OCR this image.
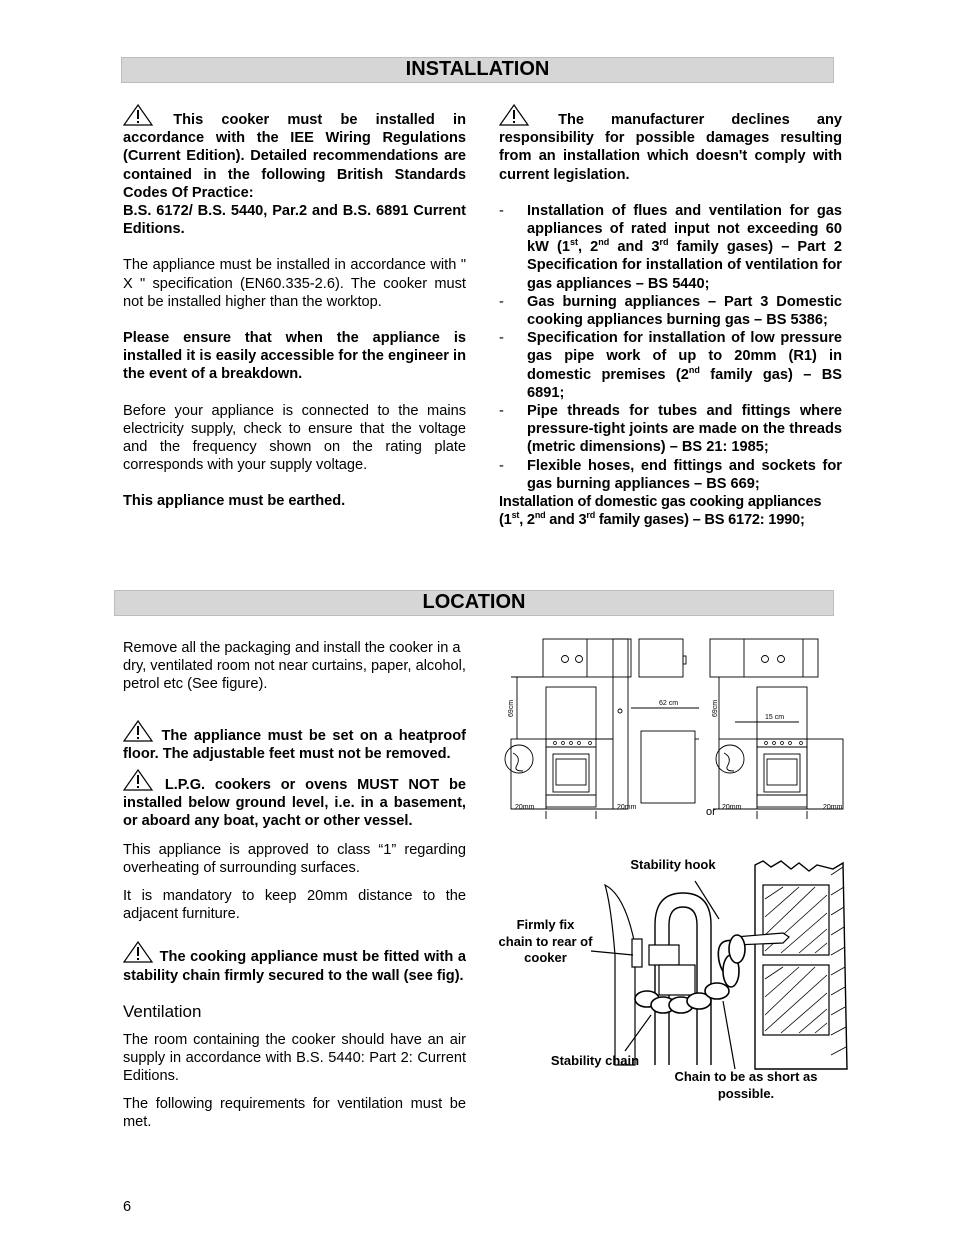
INSTALLATION

This cooker must be installed in accordance with the IEE Wiring Regulations (Current Edition). Detailed recommendations are contained in the following British Standards Codes Of Practice:

B.S. 6172/ B.S. 5440, Par.2 and B.S. 6891 Current Editions.

The appliance must be installed in accordance with " X " specification (EN60.335-2.6). The cooker must not be installed higher than the worktop.

Please ensure that when the appliance is installed it is easily accessible for the engineer in the event of a breakdown.

Before your appliance is connected to the mains electricity supply, check to ensure that the voltage and the frequency shown on the rating plate corresponds with your supply voltage.

This appliance must be earthed.

The manufacturer declines any responsibility for possible damages resulting from an installation which doesn't comply with current legislation.

- Installation of flues and ventilation for gas appliances of rated input not exceeding 60 kW (1st, 2nd and 3rd family gases) – Part 2 Specification for installation of ventilation for gas appliances – BS 5440;
- Gas burning appliances – Part 3 Domestic cooking appliances burning gas – BS 5386;
- Specification for installation of low pressure gas pipe work of up to 20mm (R1) in domestic premises (2nd family gas) – BS 6891;
- Pipe threads for tubes and fittings where pressure-tight joints are made on the threads (metric dimensions) – BS 21: 1985;
- Flexible hoses, end fittings and sockets for gas burning appliances – BS 669;

Installation of domestic gas cooking appliances (1st, 2nd and 3rd family gases) – BS 6172: 1990;

LOCATION

Remove all the packaging and install the cooker in a dry, ventilated room not near curtains, paper, alcohol, petrol etc (See figure).

The appliance must be set on a heatproof floor. The adjustable feet must not be removed.

L.P.G. cookers or ovens MUST NOT be installed below ground level, i.e. in a basement, or aboard any boat, yacht or other vessel.

This appliance is approved to class “1” regarding overheating of surrounding surfaces.

It is mandatory to keep 20mm distance to the adjacent furniture.

The cooking appliance must be fitted with a stability chain firmly secured to the wall (see fig).

Ventilation

The room containing the cooker should have an air supply in accordance with B.S. 5440: Part 2: Current Editions.

The following requirements for ventilation must be met.

69cm	69cm
62 cm
15 cm
20mm	20mm	20mm	20mm
or
Stability hook
Firmly fix chain to rear of cooker
Stability chain
Chain to be as short as possible.
6
